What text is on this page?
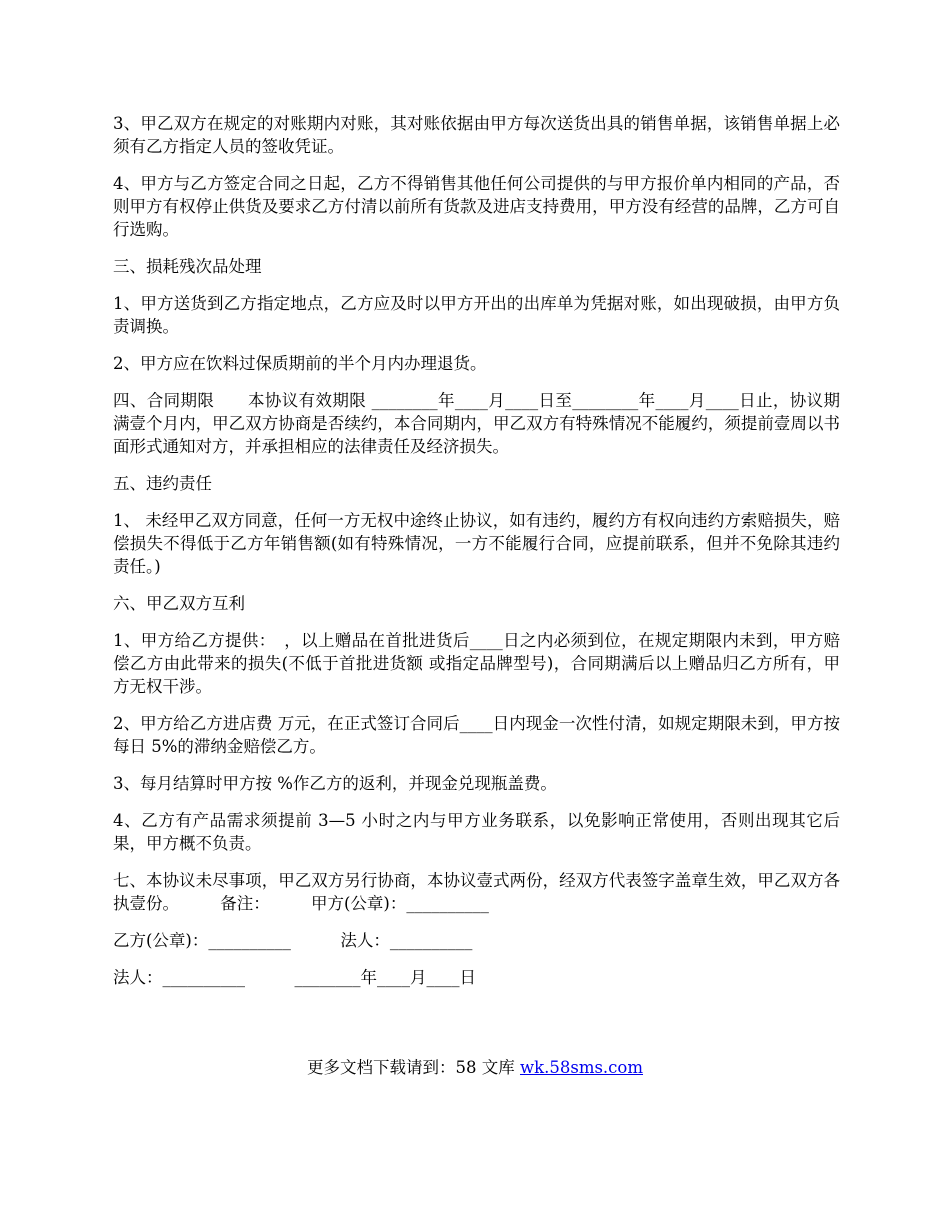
3、甲乙双方在规定的对账期内对账，其对账依据由甲方每次送货出具的销售单据，该销售单据上必须有乙方指定人员的签收凭证。

4、甲方与乙方签定合同之日起，乙方不得销售其他任何公司提供的与甲方报价单内相同的产品，否则甲方有权停止供货及要求乙方付清以前所有货款及进店支持费用，甲方没有经营的品牌，乙方可自行选购。

三、损耗残次品处理

1、甲方送货到乙方指定地点，乙方应及时以甲方开出的出库单为凭据对账，如出现破损，由甲方负责调换。

2、甲方应在饮料过保质期前的半个月内办理退货。

四、合同期限　　本协议有效期限 ________年____月____日至________年____月____日止，协议期满壹个月内，甲乙双方协商是否续约，本合同期内，甲乙双方有特殊情况不能履约，须提前壹周以书面形式通知对方，并承担相应的法律责任及经济损失。

五、违约责任

1、 未经甲乙双方同意，任何一方无权中途终止协议，如有违约，履约方有权向违约方索赔损失，赔偿损失不得低于乙方年销售额(如有特殊情况，一方不能履行合同，应提前联系，但并不免除其违约责任。)

六、甲乙双方互利

1、甲方给乙方提供：　，以上赠品在首批进货后____日之内必须到位，在规定期限内未到，甲方赔偿乙方由此带来的损失(不低于首批进货额 或指定品牌型号)，合同期满后以上赠品归乙方所有，甲方无权干涉。

2、甲方给乙方进店费 万元，在正式签订合同后____日内现金一次性付清，如规定期限未到，甲方按每日 5%的滞纳金赔偿乙方。

3、每月结算时甲方按 %作乙方的返利，并现金兑现瓶盖费。

4、乙方有产品需求须提前 3—5 小时之内与甲方业务联系，以免影响正常使用，否则出现其它后果，甲方概不负责。

七、本协议未尽事项，甲乙双方另行协商，本协议壹式两份，经双方代表签字盖章生效，甲乙双方各执壹份。　　　备注：　　　甲方(公章)：__________

乙方(公章)：__________　　　法人：__________

法人：__________　　　________年____月____日

更多文档下载请到：58 文库 wk.58sms.com
